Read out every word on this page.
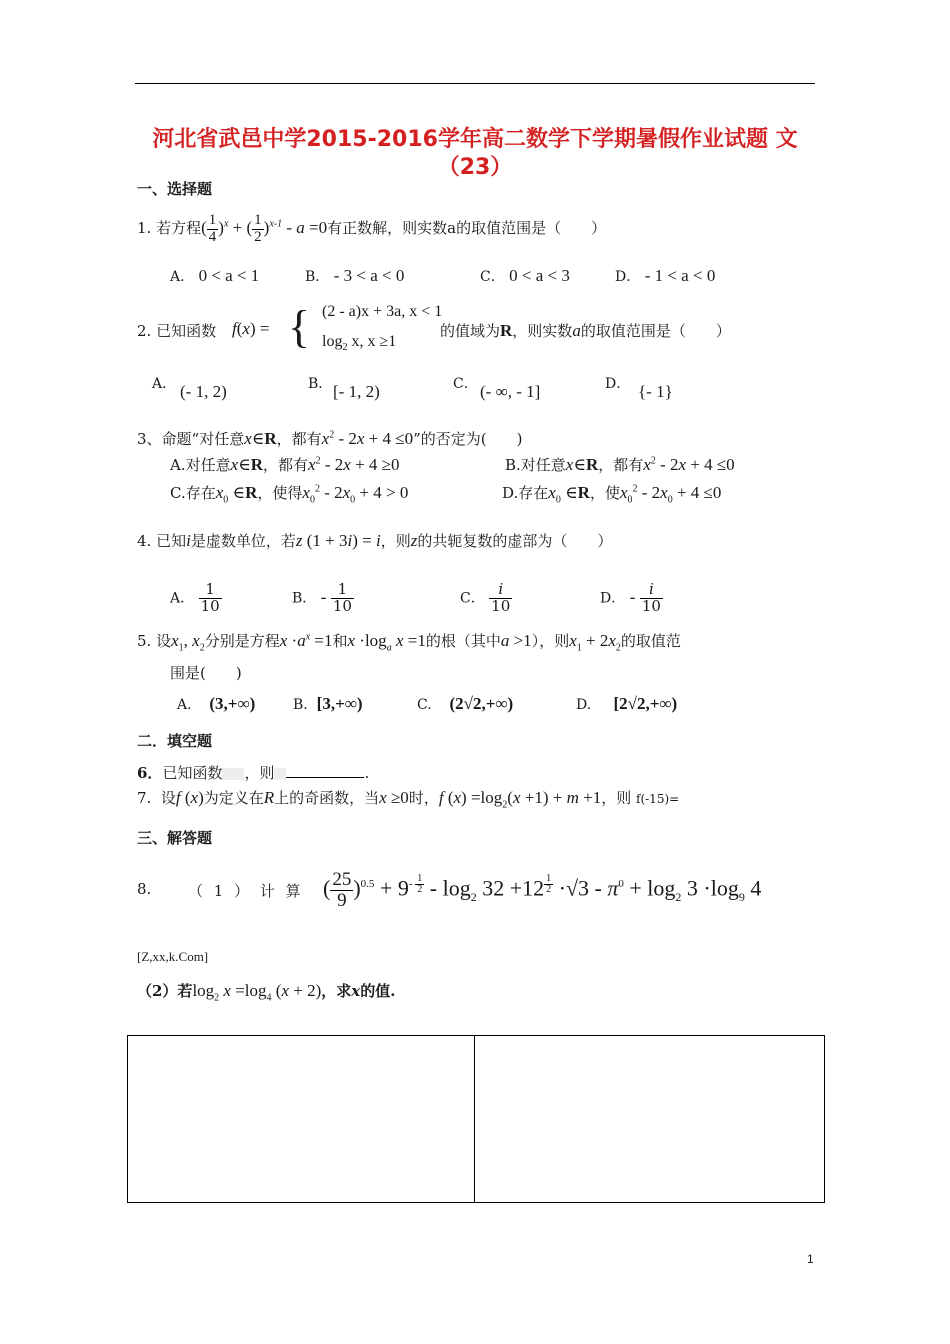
河北省武邑中学2015-2016学年高二数学下学期暑假作业试题 文
（23）
一、选择题
1. 若方程( $\frac{1}{4} )^x$ + ( $\frac{1}{2} )^{x-1} - a =0$有正数解，则实数a的取值范围是（　　）
A． 0 < a < 1	B． - 3 < a < 0	C． 0 < a < 3	D． - 1 < a < 0
2. 已知函数 f(x) = { (2 - a)x + 3a, x < 1
$\log_2 x$, x ≥1
的值域为R，则实数a的取值范围是（　　）
A． (- 1, 2)	B． [- 1, 2)	C． (- ∞, - 1]	D． {- 1}
3、命题“对任意x∈R，都有$x^2 - 2x + 4 \le 0$”的否定为(　　)
A.对任意x∈R，都有$x^2 - 2x + 4 \ge 0$	B.对任意x∈R，都有$x^2 - 2x + 4 \le 0$
C.存在$x_0$ ∈R，使得$x_0^2 - 2x_0 + 4 > 0$	D.存在$x_0$ ∈R，使$x_0^2 - 2x_0 + 4 \le 0$
4. 已知i是虚数单位，若z (1 + 3i) = i，则z的共轭复数的虚部为（　　）
A． $\frac{1}{10}$	B． - $\frac{1}{10}$	C． $\frac{i}{10}$	D． - $\frac{i}{10}$
5. 设$x_1$, $x_2$分别是方程$x \cdot a^x =1$和$x \cdot\log_a$ x =1的根（其中a >1），则$x_1 + 2x_2$的取值范
围是(　　)
A. (3,+∞)	B. [3,+∞)	C. (2√2,+∞)	D. [2√2,+∞)
二．填空题
6．已知函数 ，则	.
7. 设f (x)为定义在R上的奇函数，当x ≥0时，f $(x) =\log_2(x +1) + m +1$，则 f(-15)=
三、解答题
8. （ 1 ） 计 算 ( $\frac{25}{9} )^{0.5} + 9^{- \frac{1}{2}} - \log_2 32 +12$ $^{\frac{1}{2}} \cdot√3 - \pi^0 + \log_2 3 \cdot\log_9$ 4
[Z,xx,k.Com]
（2）若$\log_2 x =\log_4$ (x + 2)，求x的值.
1
